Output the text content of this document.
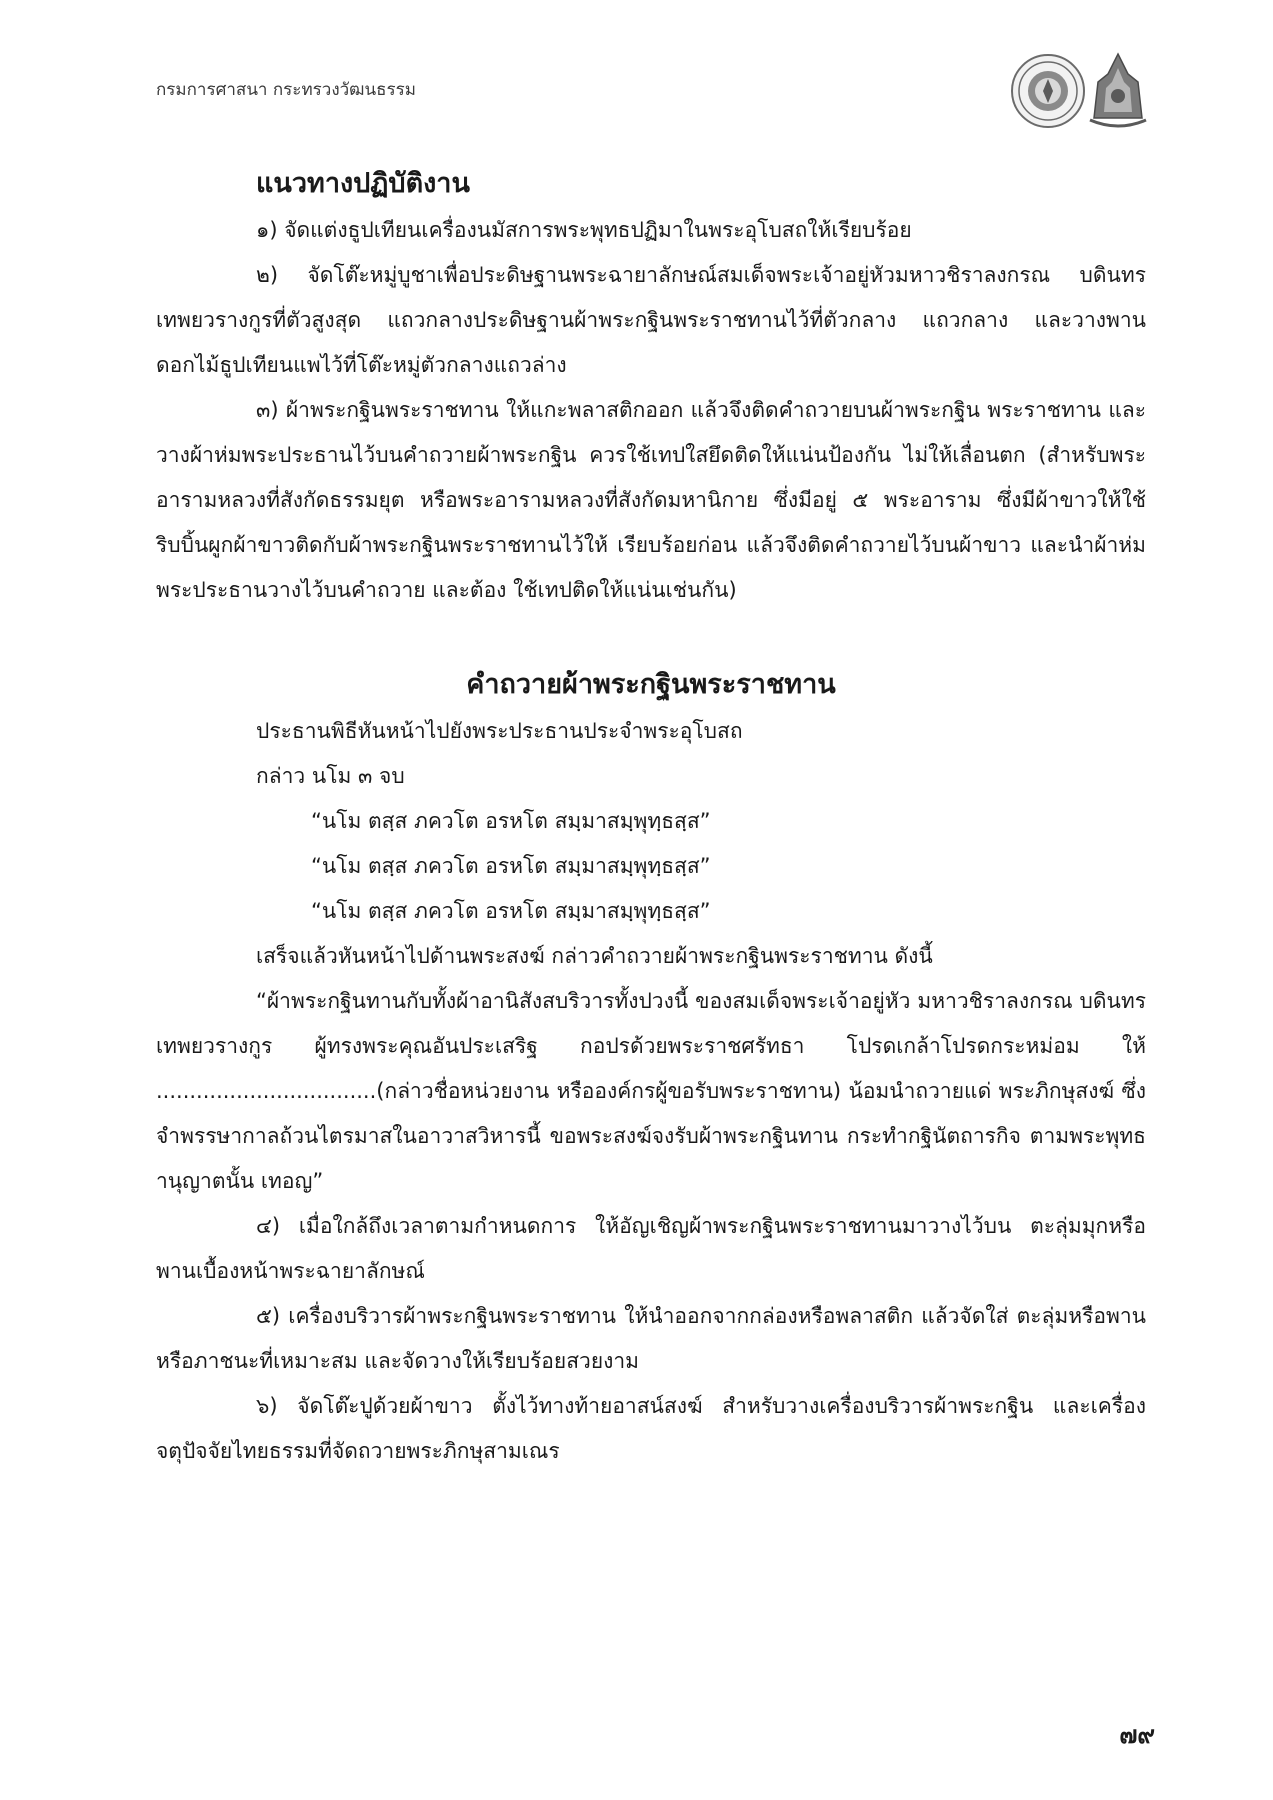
กรมการศาสนา กระทรวงวัฒนธรรม
แนวทางปฏิบัติงาน

๑) จัดแต่งธูปเทียนเครื่องนมัสการพระพุทธปฏิมาในพระอุโบสถให้เรียบร้อย

๒) จัดโต๊ะหมู่บูชาเพื่อประดิษฐานพระฉายาลักษณ์สมเด็จพระเจ้าอยู่หัวมหาวชิราลงกรณ บดินทรเทพยวรางกูรที่ตัวสูงสุด แถวกลางประดิษฐานผ้าพระกฐินพระราชทานไว้ที่ตัวกลาง แถวกลาง และวางพานดอกไม้ธูปเทียนแพไว้ที่โต๊ะหมู่ตัวกลางแถวล่าง

๓) ผ้าพระกฐินพระราชทาน ให้แกะพลาสติกออก แล้วจึงติดคำถวายบนผ้าพระกฐิน พระราชทาน และวางผ้าห่มพระประธานไว้บนคำถวายผ้าพระกฐิน ควรใช้เทปใสยึดติดให้แน่นป้องกัน ไม่ให้เลื่อนตก (สำหรับพระอารามหลวงที่สังกัดธรรมยุต หรือพระอารามหลวงที่สังกัดมหานิกาย ซึ่งมีอยู่ ๕ พระอาราม ซึ่งมีผ้าขาวให้ใช้ริบบิ้นผูกผ้าขาวติดกับผ้าพระกฐินพระราชทานไว้ให้ เรียบร้อยก่อน แล้วจึงติดคำถวายไว้บนผ้าขาว และนำผ้าห่มพระประธานวางไว้บนคำถวาย และต้อง ใช้เทปติดให้แน่นเช่นกัน)

คำถวายผ้าพระกฐินพระราชทาน

ประธานพิธีหันหน้าไปยังพระประธานประจำพระอุโบสถ

กล่าว นโม ๓ จบ

“นโม ตสฺส ภควโต อรหโต สมฺมาสมฺพุทฺธสฺส”

“นโม ตสฺส ภควโต อรหโต สมฺมาสมฺพุทฺธสฺส”

“นโม ตสฺส ภควโต อรหโต สมฺมาสมฺพุทฺธสฺส”

เสร็จแล้วหันหน้าไปด้านพระสงฆ์ กล่าวคำถวายผ้าพระกฐินพระราชทาน ดังนี้

“ผ้าพระกฐินทานกับทั้งผ้าอานิสังสบริวารทั้งปวงนี้ ของสมเด็จพระเจ้าอยู่หัว มหาวชิราลงกรณ บดินทรเทพยวรางกูร ผู้ทรงพระคุณอันประเสริฐ กอปรด้วยพระราชศรัทธา โปรดเกล้าโปรดกระหม่อม ให้ .................................(กล่าวชื่อหน่วยงาน หรือองค์กรผู้ขอรับพระราชทาน) น้อมนำถวายแด่ พระภิกษุสงฆ์ ซึ่งจำพรรษากาลถ้วนไตรมาสในอาวาสวิหารนี้ ขอพระสงฆ์จงรับผ้าพระกฐินทาน กระทำกฐินัตถารกิจ ตามพระพุทธานุญาตนั้น เทอญ”

๔) เมื่อใกล้ถึงเวลาตามกำหนดการ ให้อัญเชิญผ้าพระกฐินพระราชทานมาวางไว้บน ตะลุ่มมุกหรือพานเบื้องหน้าพระฉายาลักษณ์

๕) เครื่องบริวารผ้าพระกฐินพระราชทาน ให้นำออกจากกล่องหรือพลาสติก แล้วจัดใส่ ตะลุ่มหรือพานหรือภาชนะที่เหมาะสม และจัดวางให้เรียบร้อยสวยงาม

๖) จัดโต๊ะปูด้วยผ้าขาว ตั้งไว้ทางท้ายอาสน์สงฆ์ สำหรับวางเครื่องบริวารผ้าพระกฐิน และเครื่องจตุปัจจัยไทยธรรมที่จัดถวายพระภิกษุสามเณร

๗๙
